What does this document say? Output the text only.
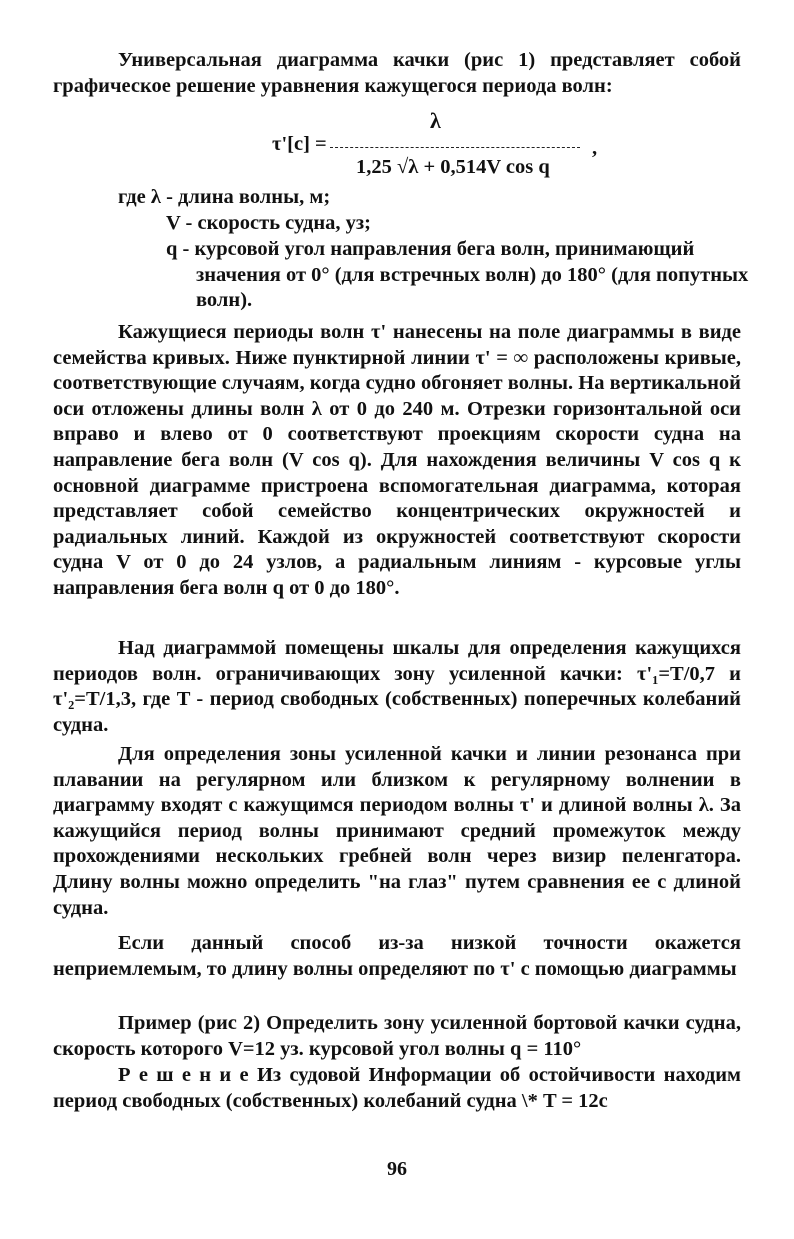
Универсальная диаграмма качки (рис 1) представляет собой графическое решение уравнения кажущегося периода волн:

λ
τ'[c] =	,
1,25 √λ + 0,514V cos q

где λ - длина волны, м;

V - скорость судна, уз;

q - курсовой угол направления бега волн, принимающий значения от 0° (для встречных волн) до 180° (для попутных волн).

Кажущиеся периоды волн τ' нанесены на поле диаграммы в виде семейства кривых. Ниже пунктирной линии τ' = ∞ расположены кривые, соответствующие случаям, когда судно обгоняет волны. На вертикальной оси отложены длины волн λ от 0 до 240 м. Отрезки горизонтальной оси вправо и влево от 0 соответствуют проекциям скорости судна на направление бега волн (V cos q). Для нахождения величины V cos q к основной диаграмме пристроена вспомогательная диаграмма, которая представляет собой семейство концентрических окружностей и радиальных линий. Каждой из окружностей соответствуют скорости судна V от 0 до 24 узлов, а радиальным линиям - курсовые углы направления бега волн q от 0 до 180°.

Над диаграммой помещены шкалы для определения кажущихся периодов волн. ограничивающих зону усиленной качки: τ'₁=T/0,7 и τ'₂=T/1,3, где T - период свободных (собственных) поперечных колебаний судна.

Для определения зоны усиленной качки и линии резонанса при плавании на регулярном или близком к регулярному волнении в диаграмму входят с кажущимся периодом волны τ' и длиной волны λ. За кажущийся период волны принимают средний промежуток между прохождениями нескольких гребней волн через визир пеленгатора. Длину волны можно определить "на глаз" путем сравнения ее с длиной судна.

Если данный способ из-за низкой точности окажется неприемлемым, то длину волны определяют по τ' с помощью диаграммы

Пример (рис 2) Определить зону усиленной бортовой качки судна, скорость которого V=12 уз. курсовой угол волны q = 110°

Р е ш е н и е Из судовой Информации об остойчивости находим период свободных (собственных) колебаний судна \* T = 12с

96
